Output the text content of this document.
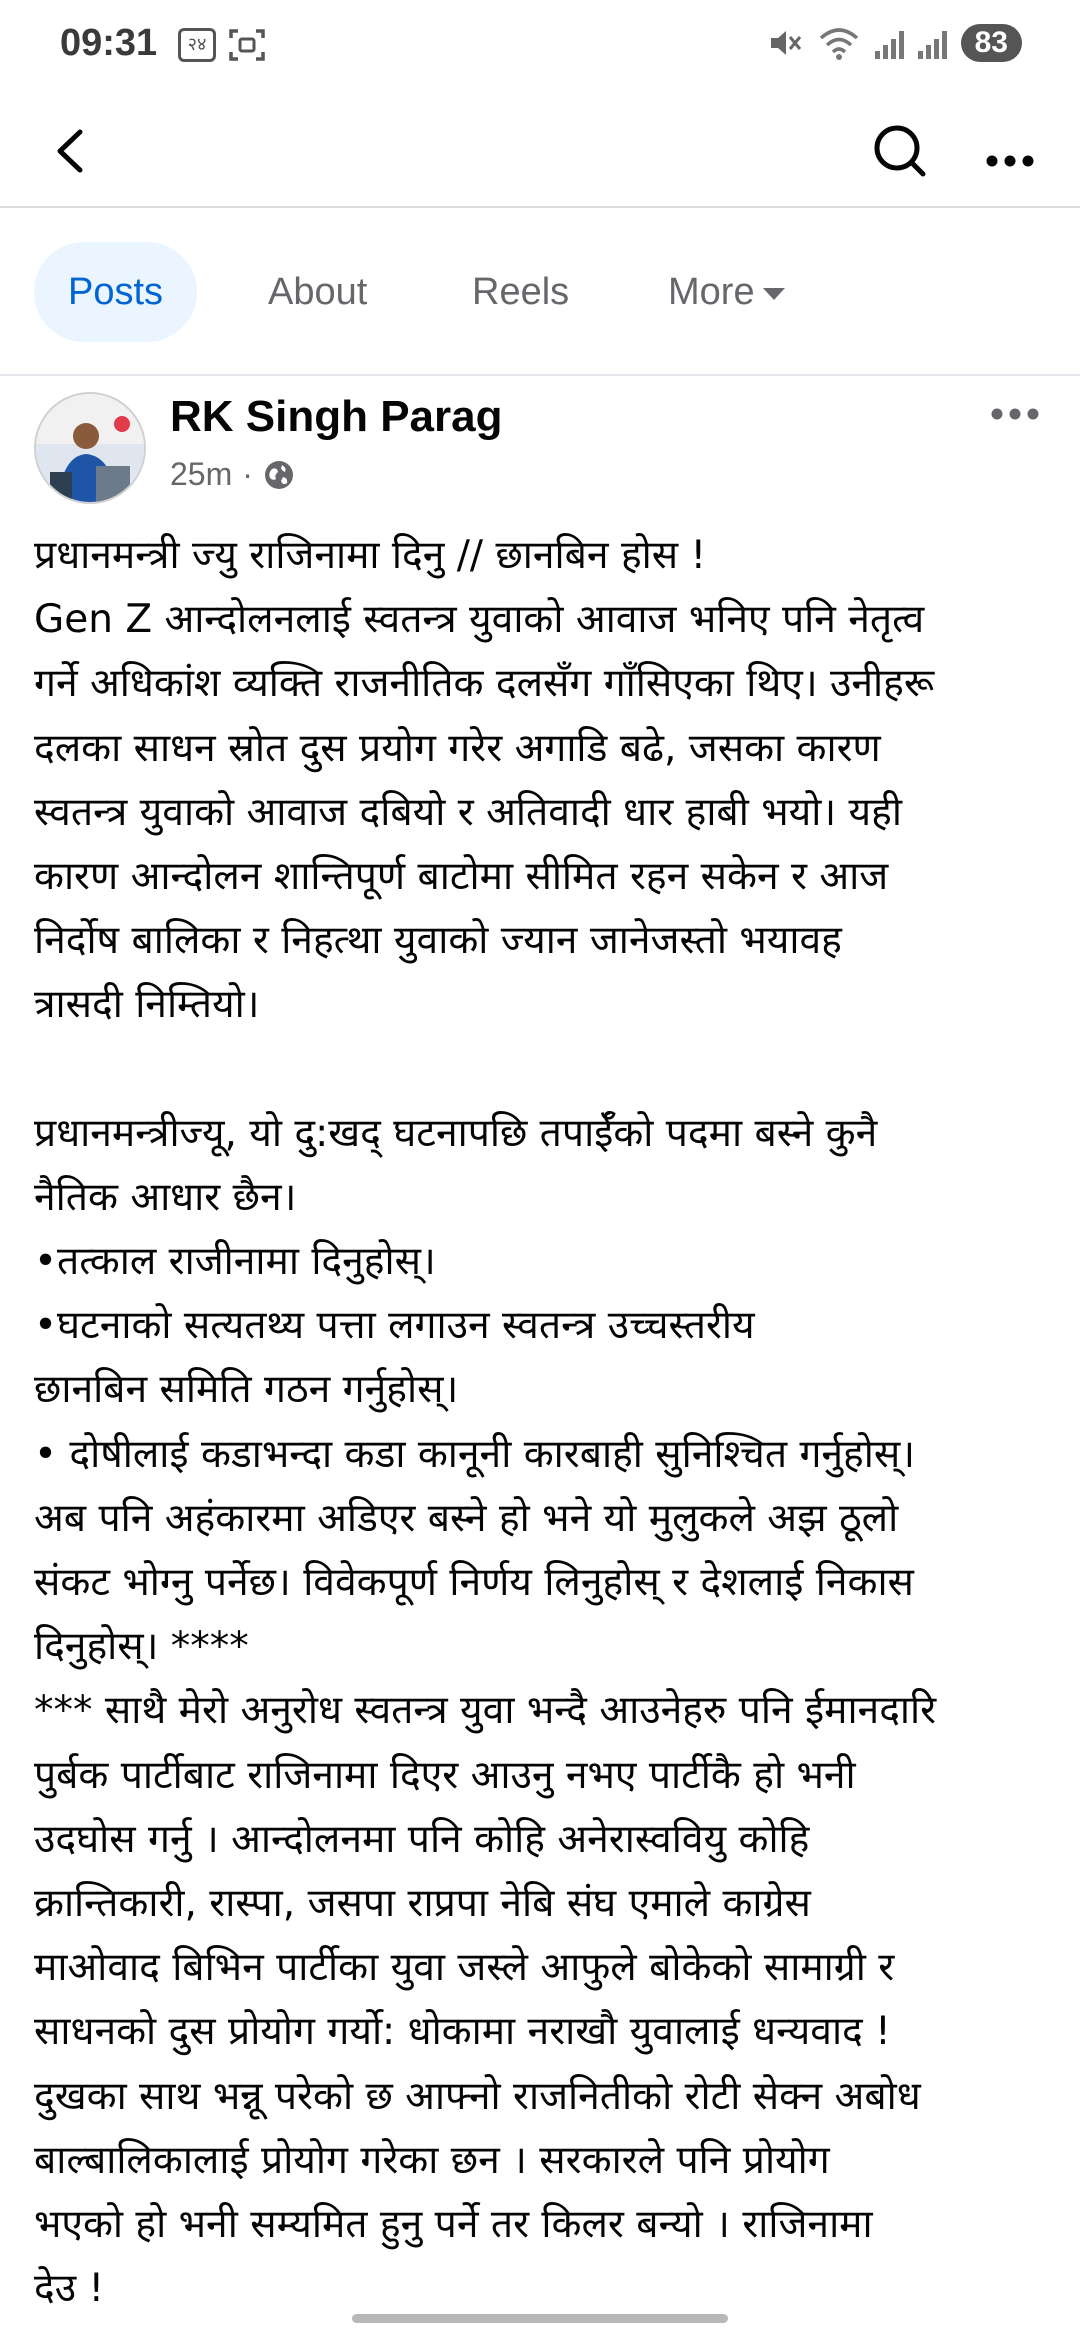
09:31	२४	83
Posts	About	Reels	More
RK Singh Parag
25m ·
प्रधानमन्त्री ज्यु राजिनामा दिनु // छानबिन होस !
Gen Z आन्दोलनलाई स्वतन्त्र युवाको आवाज भनिए पनि नेतृत्व
गर्ने अधिकांश व्यक्ति राजनीतिक दलसँग गाँसिएका थिए। उनीहरू
दलका साधन स्रोत दुस प्रयोग गरेर अगाडि बढे, जसका कारण
स्वतन्त्र युवाको आवाज दबियो र अतिवादी धार हाबी भयो। यही
कारण आन्दोलन शान्तिपूर्ण बाटोमा सीमित रहन सकेन र आज
निर्दोष बालिका र निहत्था युवाको ज्यान जानेजस्तो भयावह
त्रासदी निम्तियो।
प्रधानमन्त्रीज्यू, यो दु:खद् घटनापछि तपाईँको पदमा बस्ने कुनै
नैतिक आधार छैन।
•तत्काल राजीनामा दिनुहोस्।
•घटनाको सत्यतथ्य पत्ता लगाउन स्वतन्त्र उच्चस्तरीय
छानबिन समिति गठन गर्नुहोस्।
• दोषीलाई कडाभन्दा कडा कानूनी कारबाही सुनिश्चित गर्नुहोस्।
अब पनि अहंकारमा अडिएर बस्ने हो भने यो मुलुकले अझ ठूलो
संकट भोग्नु पर्नेछ। विवेकपूर्ण निर्णय लिनुहोस् र देशलाई निकास
दिनुहोस्। ****
*** साथै मेरो अनुरोध स्वतन्त्र युवा भन्दै आउनेहरु पनि ईमानदारि
पुर्बक पार्टीबाट राजिनामा दिएर आउनु नभए पार्टीकै हो भनी
उदघोस गर्नु । आन्दोलनमा पनि कोहि अनेरास्ववियु कोहि
क्रान्तिकारी, रास्पा, जसपा राप्रपा नेबि संघ एमाले काग्रेस
माओवाद बिभिन पार्टीका युवा जस्ले आफुले बोकेको सामाग्री र
साधनको दुस प्रोयोग गर्यो: धोकामा नराखौ युवालाई धन्यवाद !
दुखका साथ भन्नू परेको छ आफ्नो राजनितीको रोटी सेक्न अबोध
बाल्बालिकालाई प्रोयोग गरेका छन । सरकारले पनि प्रोयोग
भएको हो भनी सम्यमित हुनु पर्ने तर किलर बन्यो । राजिनामा
देउ !
